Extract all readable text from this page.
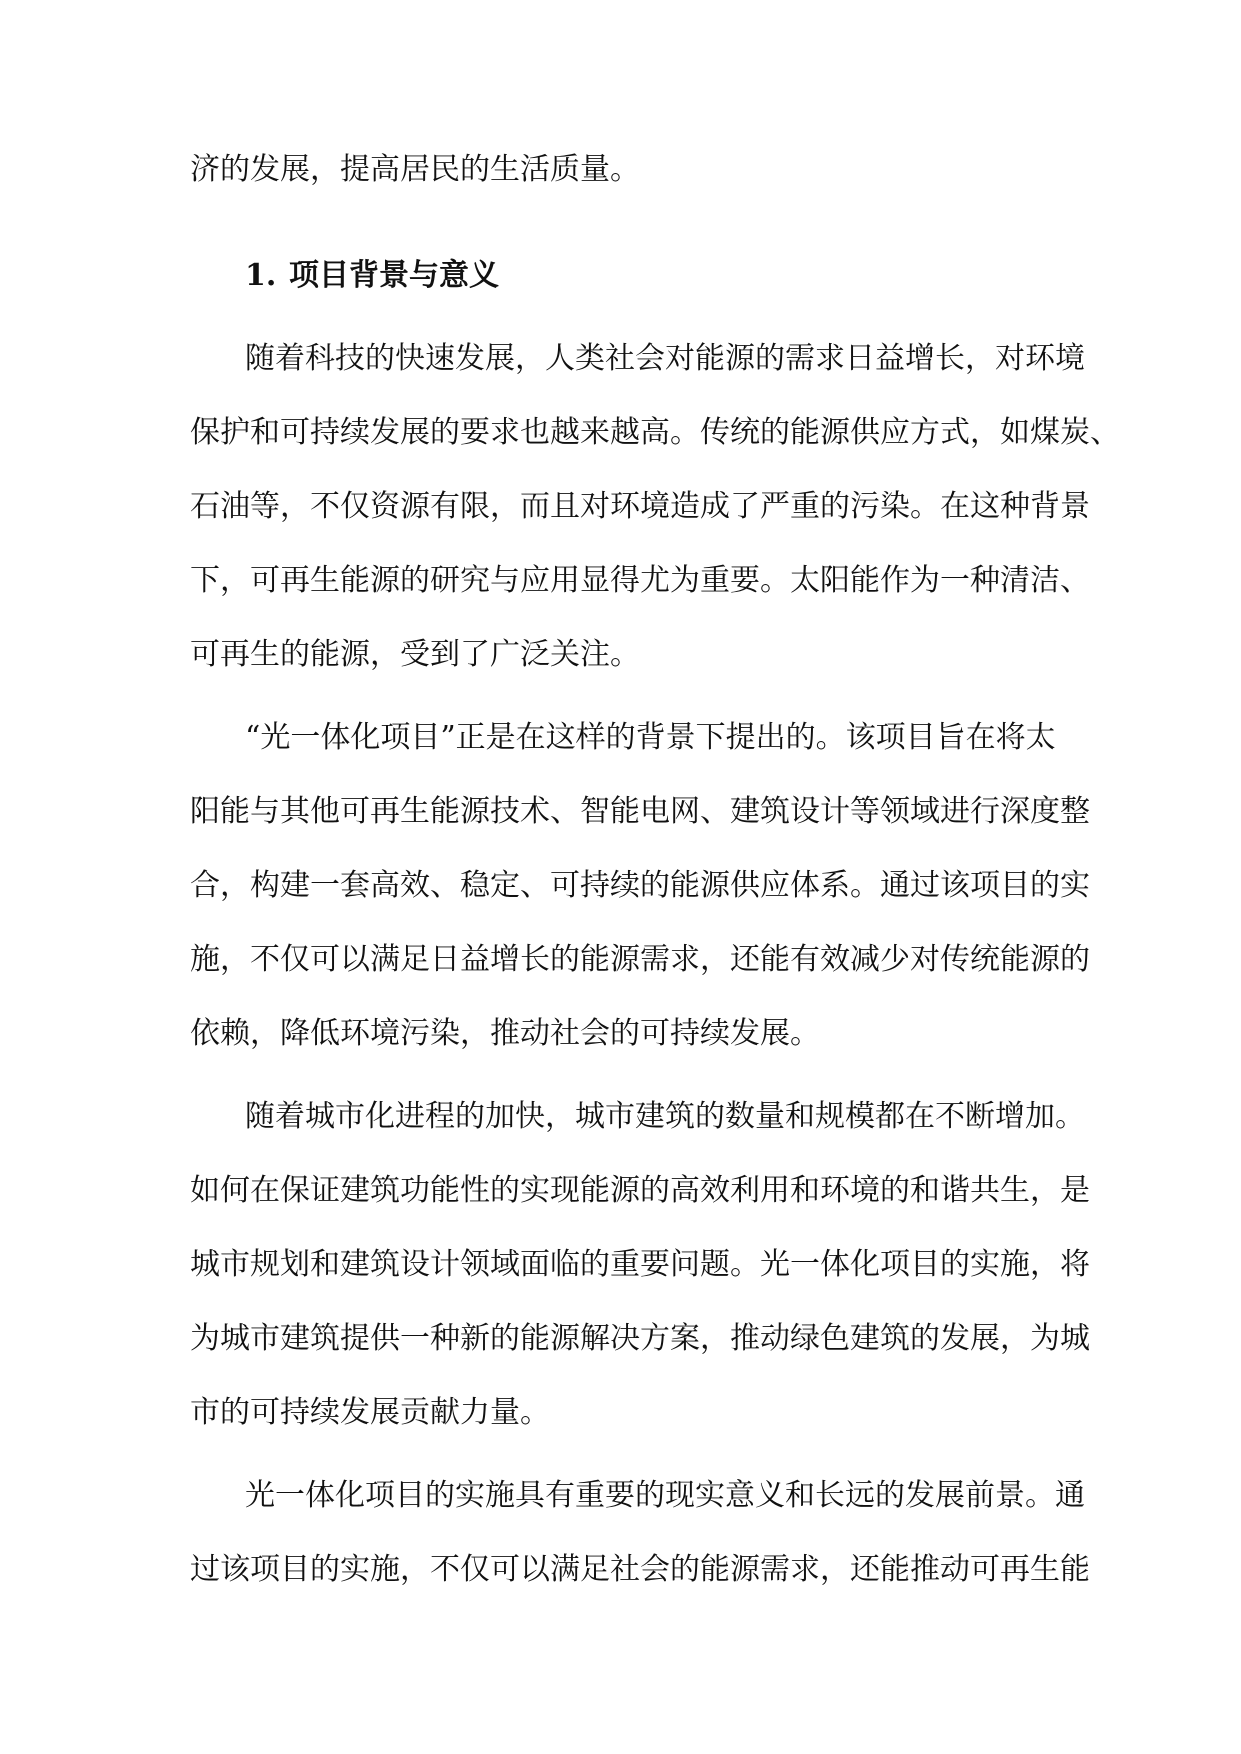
济的发展，提高居民的生活质量。
1. 项目背景与意义
随着科技的快速发展，人类社会对能源的需求日益增长，对环境
保护和可持续发展的要求也越来越高。传统的能源供应方式，如煤炭、
石油等，不仅资源有限，而且对环境造成了严重的污染。在这种背景
下，可再生能源的研究与应用显得尤为重要。太阳能作为一种清洁、
可再生的能源，受到了广泛关注。
“光一体化项目”正是在这样的背景下提出的。该项目旨在将太
阳能与其他可再生能源技术、智能电网、建筑设计等领域进行深度整
合，构建一套高效、稳定、可持续的能源供应体系。通过该项目的实
施，不仅可以满足日益增长的能源需求，还能有效减少对传统能源的
依赖，降低环境污染，推动社会的可持续发展。
随着城市化进程的加快，城市建筑的数量和规模都在不断增加。
如何在保证建筑功能性的实现能源的高效利用和环境的和谐共生，是
城市规划和建筑设计领域面临的重要问题。光一体化项目的实施，将
为城市建筑提供一种新的能源解决方案，推动绿色建筑的发展，为城
市的可持续发展贡献力量。
光一体化项目的实施具有重要的现实意义和长远的发展前景。通
过该项目的实施，不仅可以满足社会的能源需求，还能推动可再生能
